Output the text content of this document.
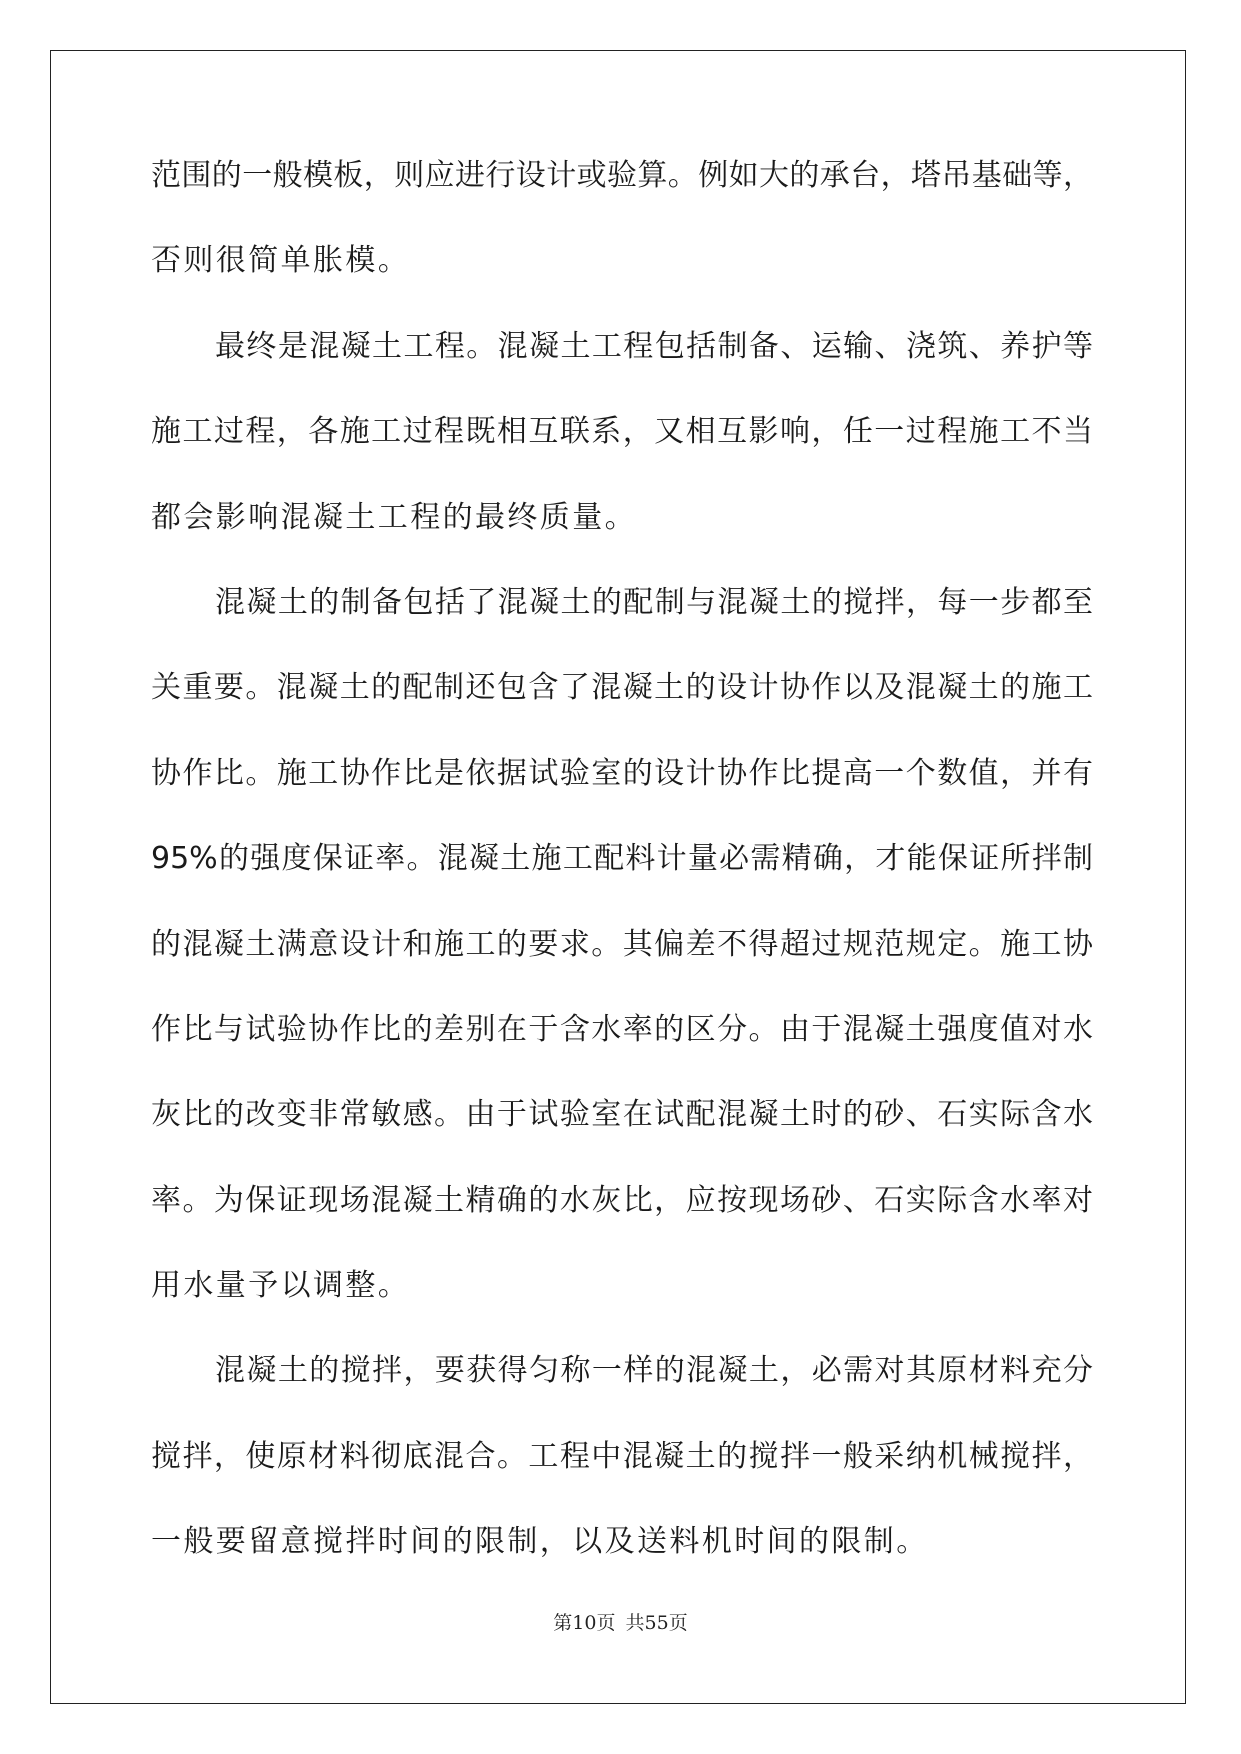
范围的一般模板，则应进行设计或验算。例如大的承台，塔吊基础等，
否则很简单胀模。
最终是混凝土工程。混凝土工程包括制备、运输、浇筑、养护等
施工过程，各施工过程既相互联系，又相互影响，任一过程施工不当
都会影响混凝土工程的最终质量。
混凝土的制备包括了混凝土的配制与混凝土的搅拌，每一步都至
关重要。混凝土的配制还包含了混凝土的设计协作以及混凝土的施工
协作比。施工协作比是依据试验室的设计协作比提高一个数值，并有
95%的强度保证率。混凝土施工配料计量必需精确，才能保证所拌制
的混凝土满意设计和施工的要求。其偏差不得超过规范规定。施工协
作比与试验协作比的差别在于含水率的区分。由于混凝土强度值对水
灰比的改变非常敏感。由于试验室在试配混凝土时的砂、石实际含水
率。为保证现场混凝土精确的水灰比，应按现场砂、石实际含水率对
用水量予以调整。
混凝土的搅拌，要获得匀称一样的混凝土，必需对其原材料充分
搅拌，使原材料彻底混合。工程中混凝土的搅拌一般采纳机械搅拌，
一般要留意搅拌时间的限制，以及送料机时间的限制。
第10页 共55页
